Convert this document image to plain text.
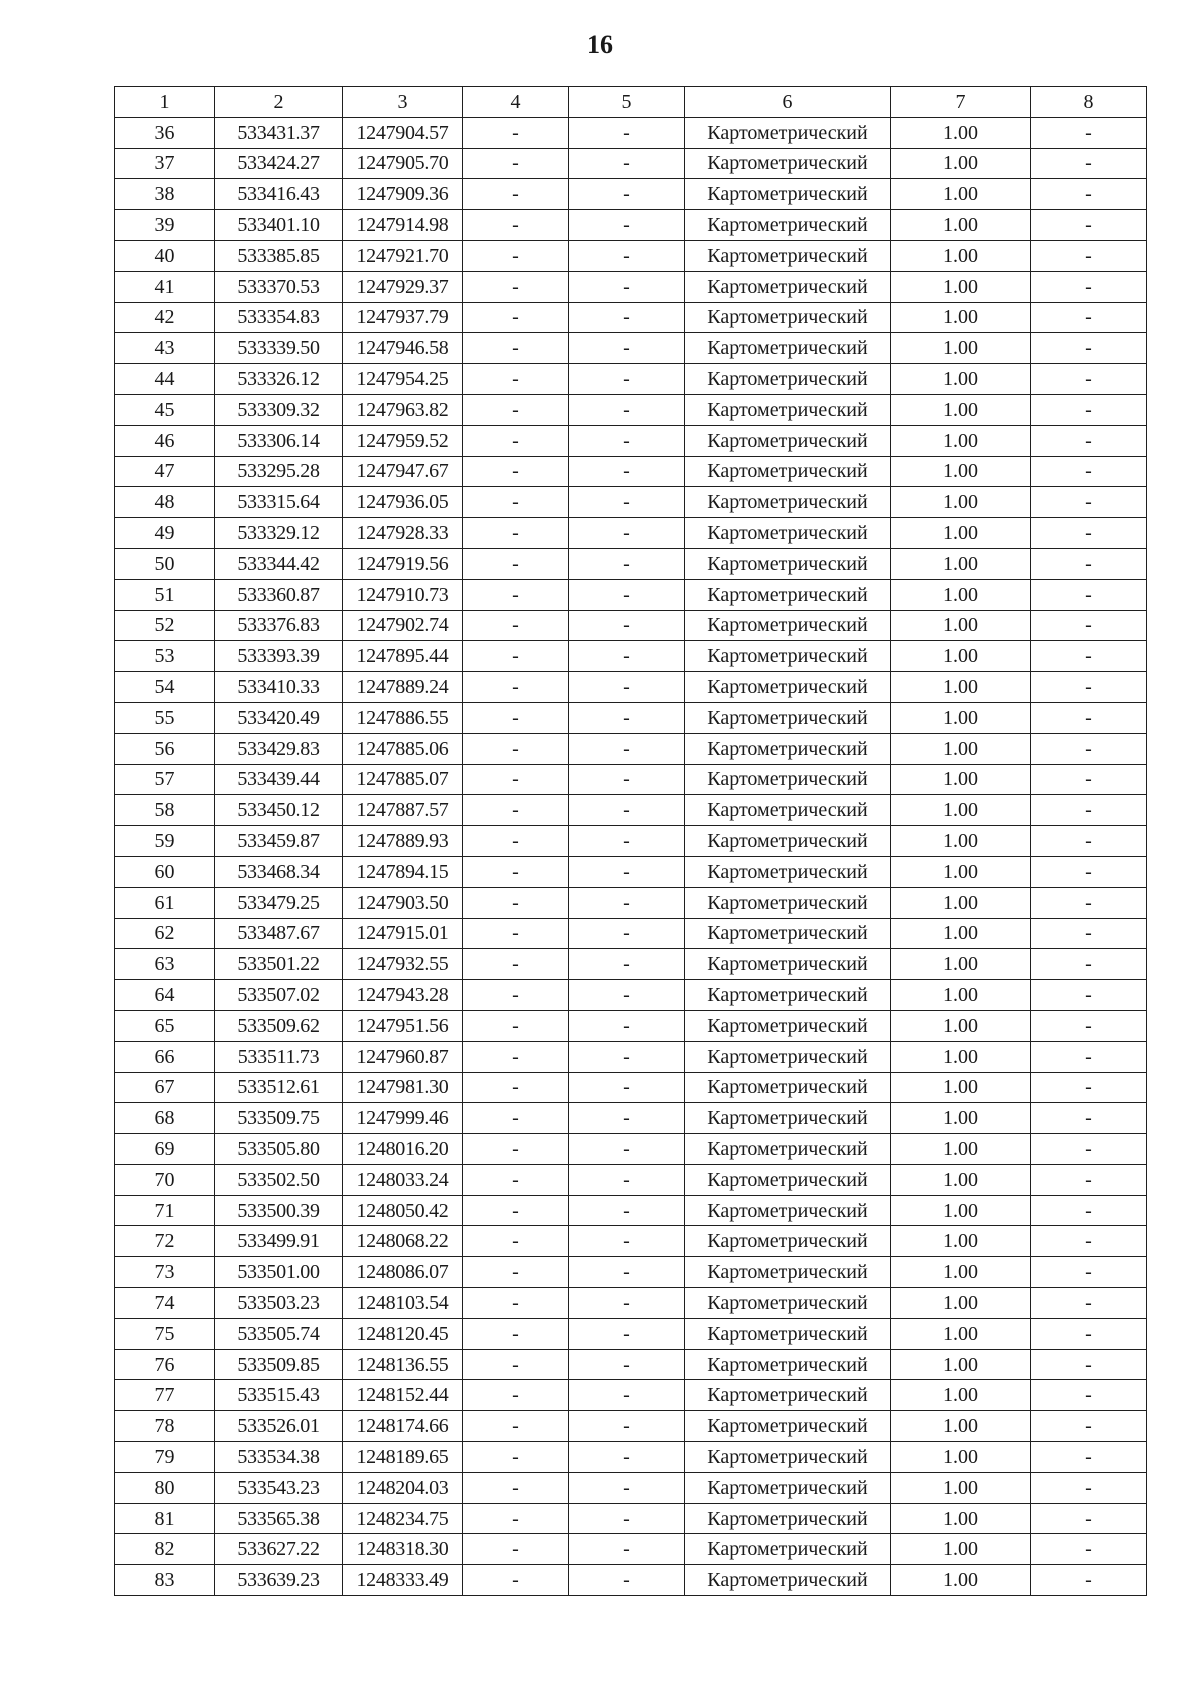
16
1	2	3	4	5	6	7	8
36	533431.37	1247904.57	-	-	Картометрический	1.00	-
37	533424.27	1247905.70	-	-	Картометрический	1.00	-
38	533416.43	1247909.36	-	-	Картометрический	1.00	-
39	533401.10	1247914.98	-	-	Картометрический	1.00	-
40	533385.85	1247921.70	-	-	Картометрический	1.00	-
41	533370.53	1247929.37	-	-	Картометрический	1.00	-
42	533354.83	1247937.79	-	-	Картометрический	1.00	-
43	533339.50	1247946.58	-	-	Картометрический	1.00	-
44	533326.12	1247954.25	-	-	Картометрический	1.00	-
45	533309.32	1247963.82	-	-	Картометрический	1.00	-
46	533306.14	1247959.52	-	-	Картометрический	1.00	-
47	533295.28	1247947.67	-	-	Картометрический	1.00	-
48	533315.64	1247936.05	-	-	Картометрический	1.00	-
49	533329.12	1247928.33	-	-	Картометрический	1.00	-
50	533344.42	1247919.56	-	-	Картометрический	1.00	-
51	533360.87	1247910.73	-	-	Картометрический	1.00	-
52	533376.83	1247902.74	-	-	Картометрический	1.00	-
53	533393.39	1247895.44	-	-	Картометрический	1.00	-
54	533410.33	1247889.24	-	-	Картометрический	1.00	-
55	533420.49	1247886.55	-	-	Картометрический	1.00	-
56	533429.83	1247885.06	-	-	Картометрический	1.00	-
57	533439.44	1247885.07	-	-	Картометрический	1.00	-
58	533450.12	1247887.57	-	-	Картометрический	1.00	-
59	533459.87	1247889.93	-	-	Картометрический	1.00	-
60	533468.34	1247894.15	-	-	Картометрический	1.00	-
61	533479.25	1247903.50	-	-	Картометрический	1.00	-
62	533487.67	1247915.01	-	-	Картометрический	1.00	-
63	533501.22	1247932.55	-	-	Картометрический	1.00	-
64	533507.02	1247943.28	-	-	Картометрический	1.00	-
65	533509.62	1247951.56	-	-	Картометрический	1.00	-
66	533511.73	1247960.87	-	-	Картометрический	1.00	-
67	533512.61	1247981.30	-	-	Картометрический	1.00	-
68	533509.75	1247999.46	-	-	Картометрический	1.00	-
69	533505.80	1248016.20	-	-	Картометрический	1.00	-
70	533502.50	1248033.24	-	-	Картометрический	1.00	-
71	533500.39	1248050.42	-	-	Картометрический	1.00	-
72	533499.91	1248068.22	-	-	Картометрический	1.00	-
73	533501.00	1248086.07	-	-	Картометрический	1.00	-
74	533503.23	1248103.54	-	-	Картометрический	1.00	-
75	533505.74	1248120.45	-	-	Картометрический	1.00	-
76	533509.85	1248136.55	-	-	Картометрический	1.00	-
77	533515.43	1248152.44	-	-	Картометрический	1.00	-
78	533526.01	1248174.66	-	-	Картометрический	1.00	-
79	533534.38	1248189.65	-	-	Картометрический	1.00	-
80	533543.23	1248204.03	-	-	Картометрический	1.00	-
81	533565.38	1248234.75	-	-	Картометрический	1.00	-
82	533627.22	1248318.30	-	-	Картометрический	1.00	-
83	533639.23	1248333.49	-	-	Картометрический	1.00	-
